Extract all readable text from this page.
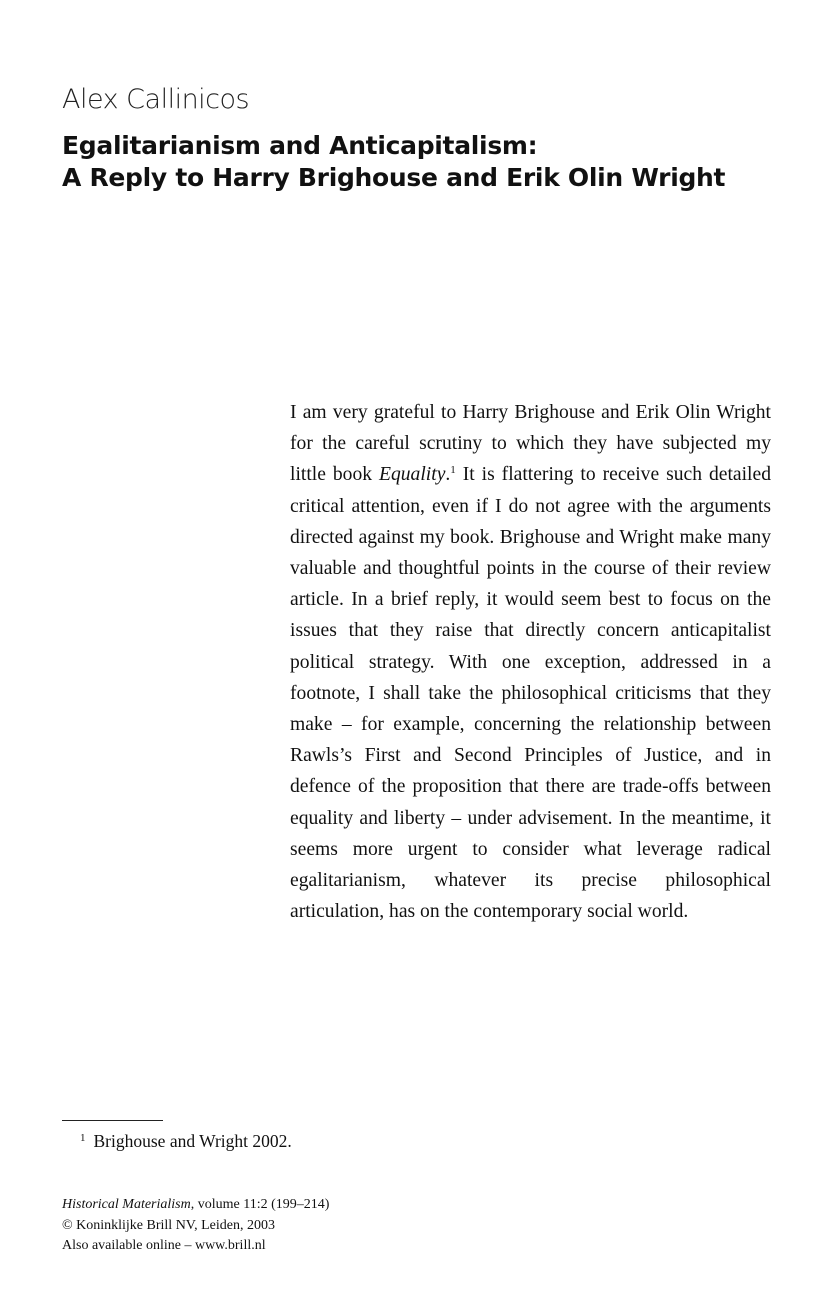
Alex Callinicos
Egalitarianism and Anticapitalism:
A Reply to Harry Brighouse and Erik Olin Wright
I am very grateful to Harry Brighouse and Erik Olin Wright for the careful scrutiny to which they have subjected my little book Equality.$^1$ It is flattering to receive such detailed critical attention, even if I do not agree with the arguments directed against my book. Brighouse and Wright make many valuable and thoughtful points in the course of their review article. In a brief reply, it would seem best to focus on the issues that they raise that directly concern anticapitalist political strategy. With one exception, addressed in a footnote, I shall take the philosophical criticisms that they make – for example, concerning the relationship between Rawls’s First and Second Principles of Justice, and in defence of the proposition that there are trade-offs between equality and liberty – under advisement. In the meantime, it seems more urgent to consider what leverage radical egalitarianism, whatever its precise philosophical articulation, has on the contemporary social world.
$^1$ Brighouse and Wright 2002.
Historical Materialism, volume 11:2 (199–214)
© Koninklijke Brill NV, Leiden, 2003
Also available online – www.brill.nl
